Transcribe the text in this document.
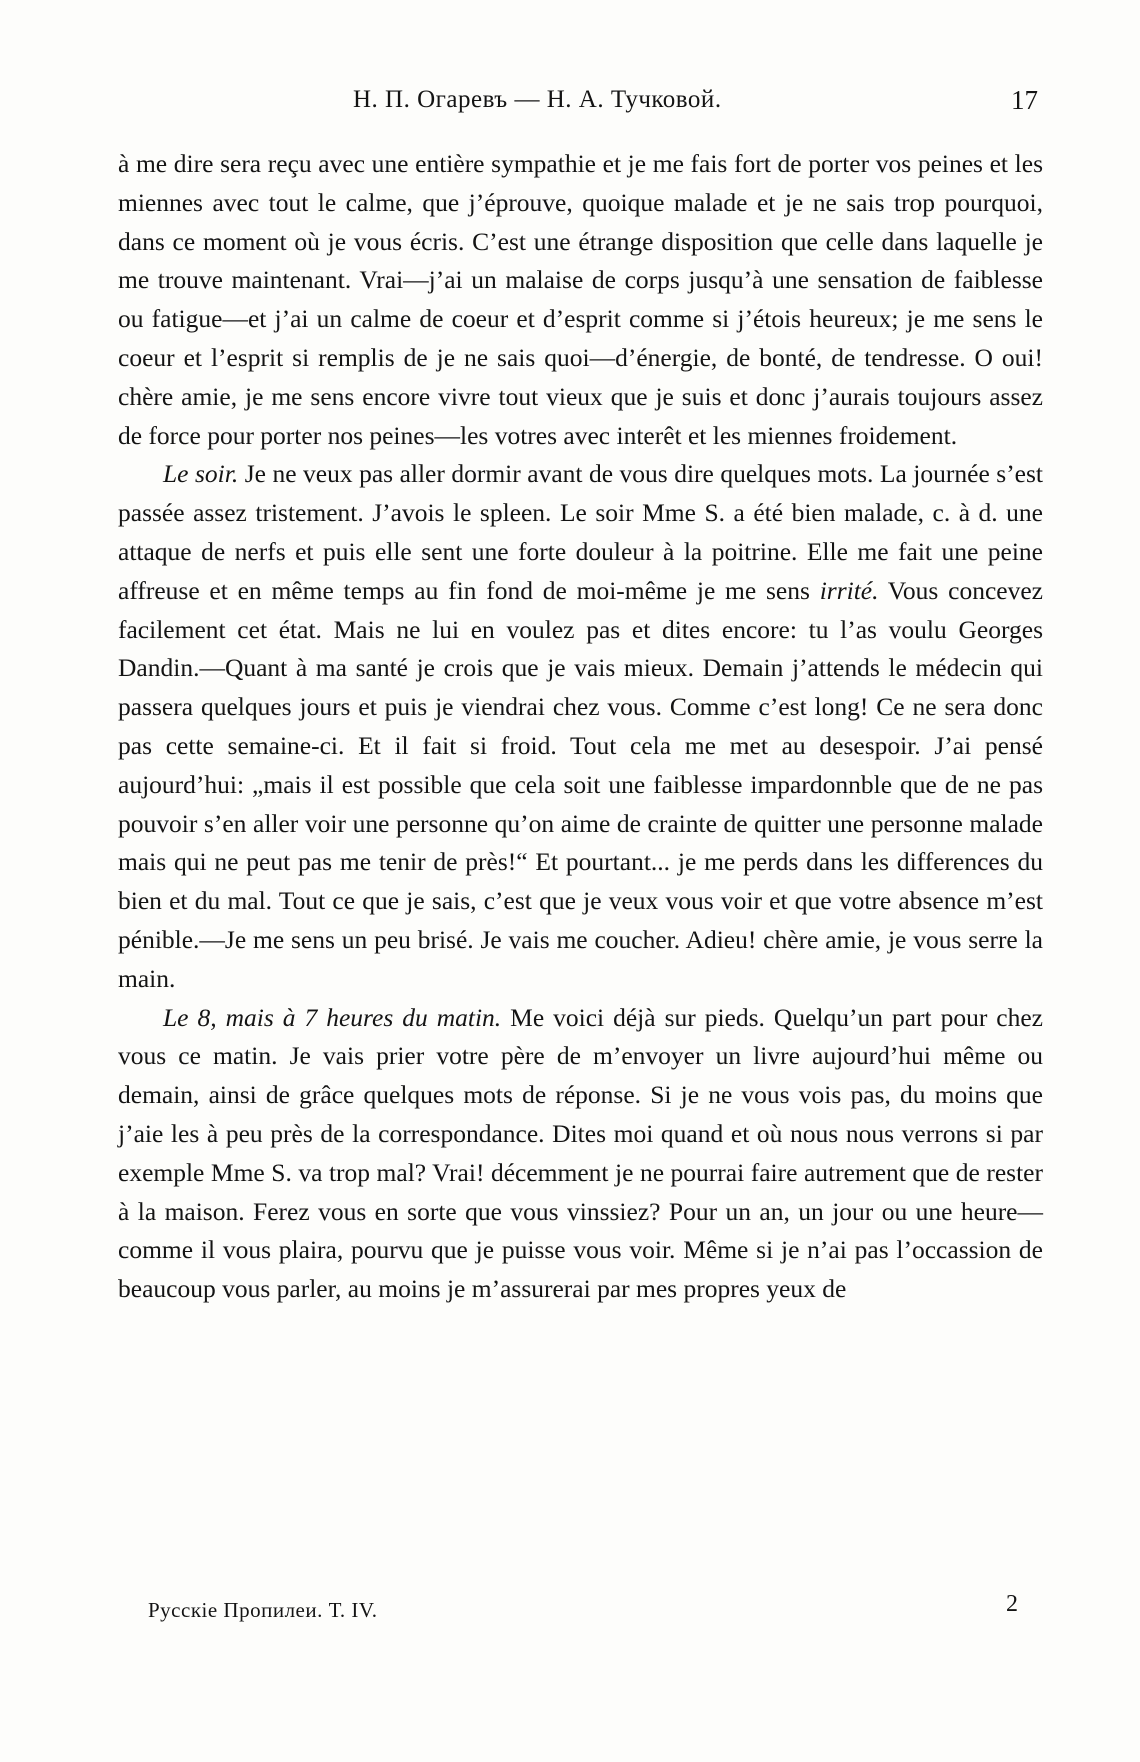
Н. П. Огаревъ — Н. А. Тучковой.	17

à me dire sera reçu avec une entière sympathie et je me fais fort de porter vos peines et les miennes avec tout le calme, que j’éprouve, quoique malade et je ne sais trop pourquoi, dans ce moment où je vous écris. C’est une étrange disposition que celle dans laquelle je me trouve maintenant. Vrai—j’ai un malaise de corps jusqu’à une sensation de faiblesse ou fatigue—et j’ai un calme de coeur et d’esprit comme si j’étois heureux; je me sens le coeur et l’esprit si remplis de je ne sais quoi—d’énergie, de bonté, de tendresse. O oui! chère amie, je me sens encore vivre tout vieux que je suis et donc j’aurais toujours assez de force pour porter nos peines—les votres avec interêt et les miennes froidement.

Le soir. Je ne veux pas aller dormir avant de vous dire quelques mots. La journée s’est passée assez tristement. J’avois le spleen. Le soir Mme S. a été bien malade, c. à d. une attaque de nerfs et puis elle sent une forte douleur à la poitrine. Elle me fait une peine affreuse et en même temps au fin fond de moi-même je me sens irrité. Vous concevez facilement cet état. Mais ne lui en voulez pas et dites encore: tu l’as voulu Georges Dandin.—Quant à ma santé je crois que je vais mieux. Demain j’attends le médecin qui passera quelques jours et puis je viendrai chez vous. Comme c’est long! Ce ne sera donc pas cette semaine-ci. Et il fait si froid. Tout cela me met au desespoir. J’ai pensé aujourd’hui: „mais il est possible que cela soit une faiblesse impardonnble que de ne pas pouvoir s’en aller voir une personne qu’on aime de crainte de quitter une personne malade mais qui ne peut pas me tenir de près!“ Et pourtant... je me perds dans les differences du bien et du mal. Tout ce que je sais, c’est que je veux vous voir et que votre absence m’est pénible.—Je me sens un peu brisé. Je vais me coucher. Adieu! chère amie, je vous serre la main.

Le 8, mais à 7 heures du matin. Me voici déjà sur pieds. Quelqu’un part pour chez vous ce matin. Je vais prier votre père de m’envoyer un livre aujourd’hui même ou demain, ainsi de grâce quelques mots de réponse. Si je ne vous vois pas, du moins que j’aie les à peu près de la correspondance. Dites moi quand et où nous nous verrons si par exemple Mme S. va trop mal? Vrai! décemment je ne pourrai faire autrement que de rester à la maison. Ferez vous en sorte que vous vinssiez? Pour un an, un jour ou une heure—comme il vous plaira, pourvu que je puisse vous voir. Même si je n’ai pas l’occassion de beaucoup vous parler, au moins je m’assurerai par mes propres yeux de

Русскіе Пропилеи. Т. IV.	2
